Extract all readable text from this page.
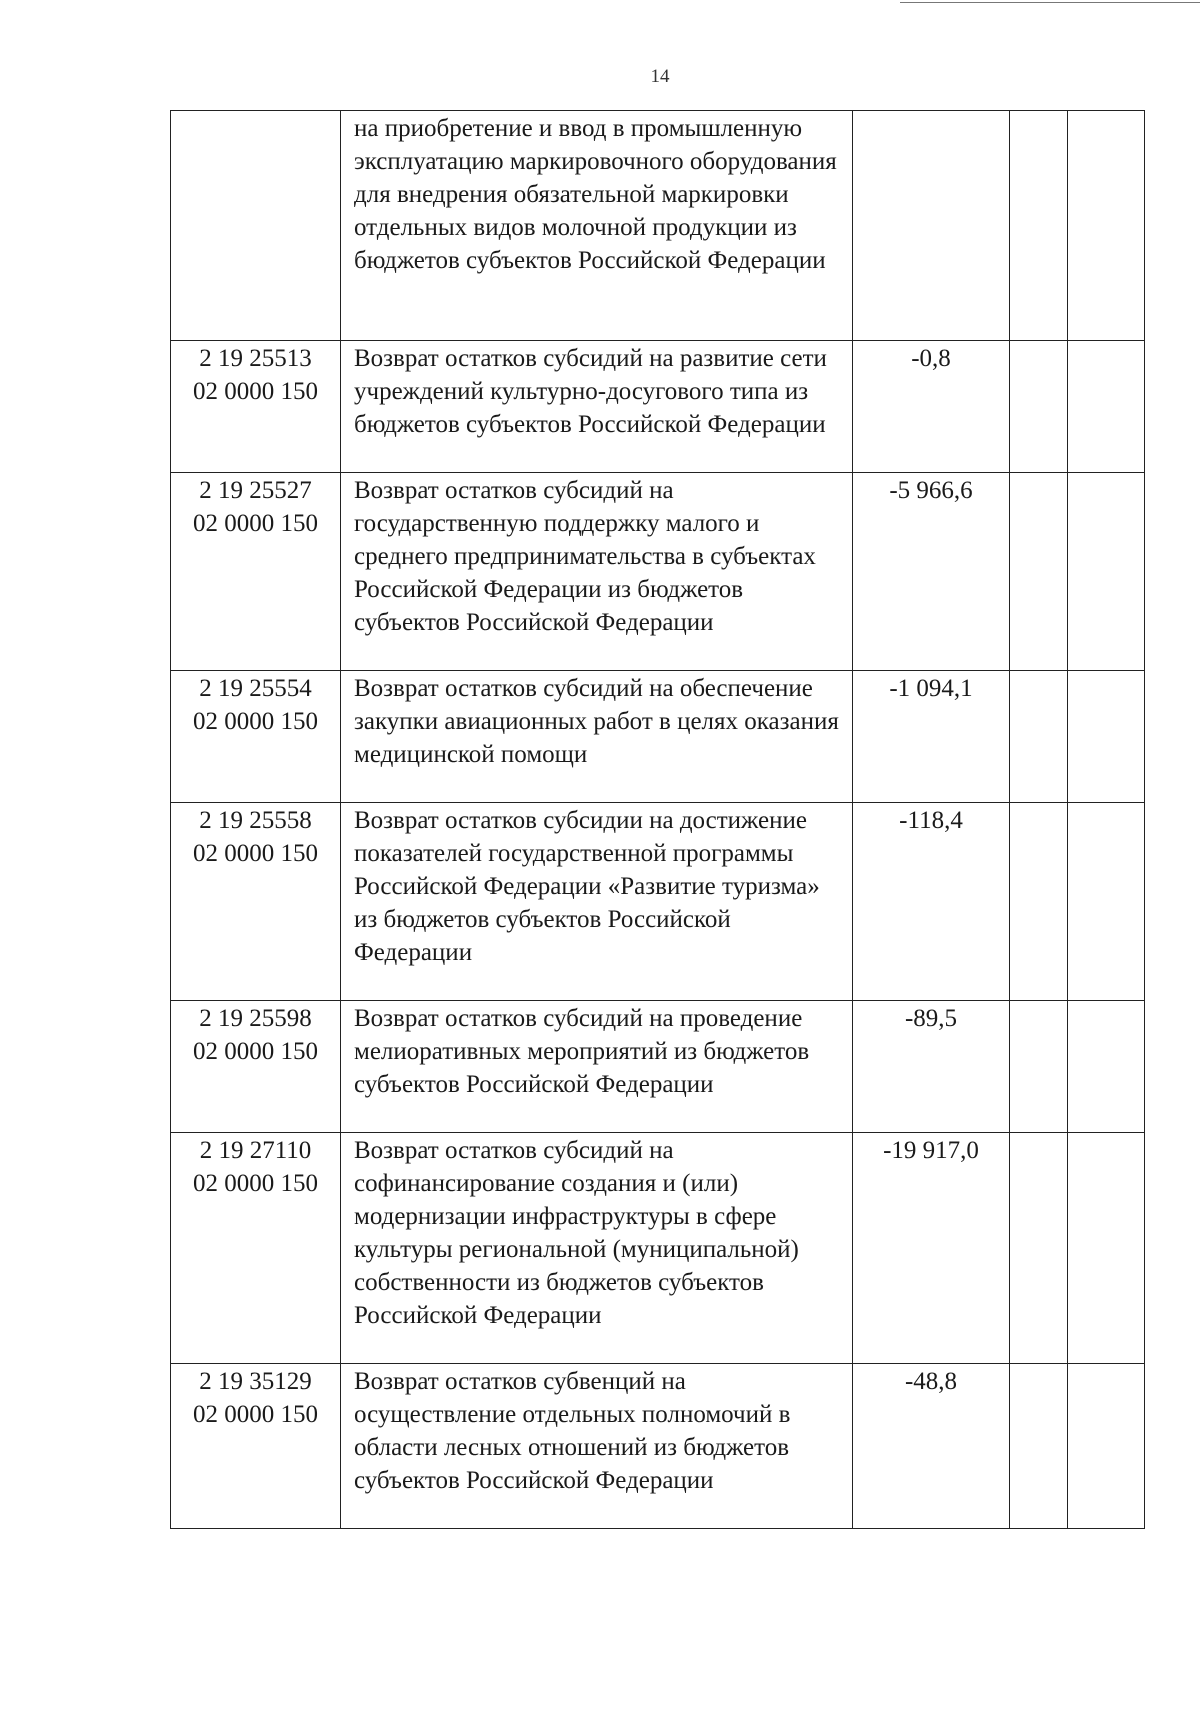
14
	на приобретение и ввод в промышленную эксплуатацию маркировочного оборудования для внедрения обязательной маркировки отдельных видов молочной продукции из бюджетов субъектов Российской Федерации			

2 19 25513
02 0000 150	Возврат остатков субсидий на развитие сети учреждений культурно-досугового типа из бюджетов субъектов Российской Федерации	-0,8		

2 19 25527
02 0000 150	Возврат остатков субсидий на государственную поддержку малого и среднего предпринимательства в субъектах Российской Федерации из бюджетов субъектов Российской Федерации	-5 966,6		

2 19 25554
02 0000 150	Возврат остатков субсидий на обеспечение закупки авиационных работ в целях оказания медицинской помощи	-1 094,1		

2 19 25558
02 0000 150	Возврат остатков субсидии на достижение показателей государственной программы Российской Федерации «Развитие туризма» из бюджетов субъектов Российской Федерации	-118,4		

2 19 25598
02 0000 150	Возврат остатков субсидий на проведение мелиоративных мероприятий из бюджетов субъектов Российской Федерации	-89,5		

2 19 27110
02 0000 150	Возврат остатков субсидий на софинансирование создания и (или) модернизации инфраструктуры в сфере культуры региональной (муниципальной) собственности из бюджетов субъектов Российской Федерации	-19 917,0		

2 19 35129
02 0000 150	Возврат остатков субвенций на осуществление отдельных полномочий в области лесных отношений из бюджетов субъектов Российской Федерации	-48,8		
